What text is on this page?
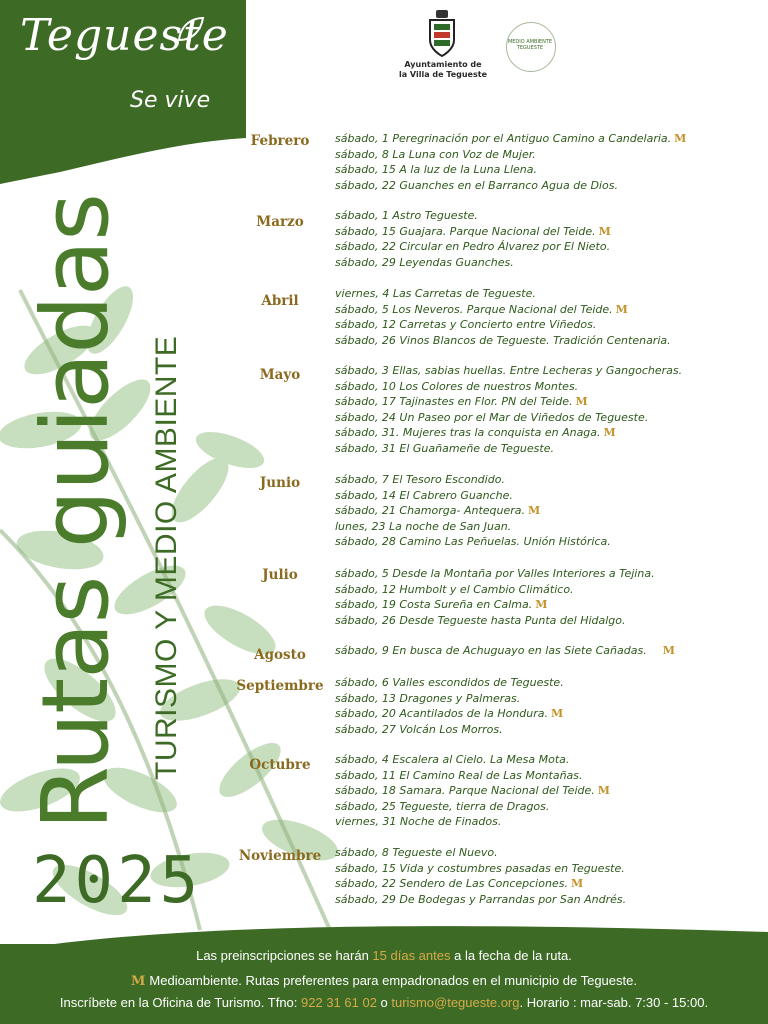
Tegueste
Se vive
Ayuntamiento de
la Villa de Tegueste
MEDIO AMBIENTE
TEGUESTE
Rutas guiadas TURISMO Y MEDIO AMBIENTE
2025
Febrero	sábado, 1 Peregrinación por el Antiguo Camino a Candelaria. M
sábado, 8 La Luna con Voz de Mujer.
sábado, 15 A la luz de la Luna Llena.
sábado, 22 Guanches en el Barranco Agua de Dios.
Marzo	sábado, 1 Astro Tegueste.
sábado, 15 Guajara. Parque Nacional del Teide. M
sábado, 22 Circular en Pedro Álvarez por El Nieto.
sábado, 29 Leyendas Guanches.
Abril	viernes, 4 Las Carretas de Tegueste.
sábado, 5 Los Neveros. Parque Nacional del Teide. M
sábado, 12 Carretas y Concierto entre Viñedos.
sábado, 26 Vinos Blancos de Tegueste. Tradición Centenaria.
Mayo	sábado, 3 Ellas, sabias huellas. Entre Lecheras y Gangocheras.
sábado, 10 Los Colores de nuestros Montes.
sábado, 17 Tajinastes en Flor. PN del Teide. M
sábado, 24 Un Paseo por el Mar de Viñedos de Tegueste.
sábado, 31. Mujeres tras la conquista en Anaga. M
sábado, 31 El Guañameñe de Tegueste.
Junio	sábado, 7 El Tesoro Escondido.
sábado, 14 El Cabrero Guanche.
sábado, 21 Chamorga- Antequera. M
lunes, 23 La noche de San Juan.
sábado, 28 Camino Las Peñuelas. Unión Histórica.
Julio	sábado, 5 Desde la Montaña por Valles Interiores a Tejina.
sábado, 12 Humbolt y el Cambio Climático.
sábado, 19 Costa Sureña en Calma. M
sábado, 26 Desde Tegueste hasta Punta del Hidalgo.
Agosto	sábado, 9 En busca de Achuguayo en las Siete Cañadas. M
Septiembre	sábado, 6 Valles escondidos de Tegueste.
sábado, 13 Dragones y Palmeras.
sábado, 20 Acantilados de la Hondura. M
sábado, 27 Volcán Los Morros.
Octubre	sábado, 4 Escalera al Cielo. La Mesa Mota.
sábado, 11 El Camino Real de Las Montañas.
sábado, 18 Samara. Parque Nacional del Teide. M
sábado, 25 Tegueste, tierra de Dragos.
viernes, 31 Noche de Finados.
Noviembre	sábado, 8 Tegueste el Nuevo.
sábado, 15 Vida y costumbres pasadas en Tegueste.
sábado, 22 Sendero de Las Concepciones. M
sábado, 29 De Bodegas y Parrandas por San Andrés.
Las preinscripciones se harán 15 días antes a la fecha de la ruta.
M Medioambiente. Rutas preferentes para empadronados en el municipio de Tegueste.
Inscríbete en la Oficina de Turismo. Tfno: 922 31 61 02 o turismo@tegueste.org. Horario : mar-sab. 7:30 - 15:00.
